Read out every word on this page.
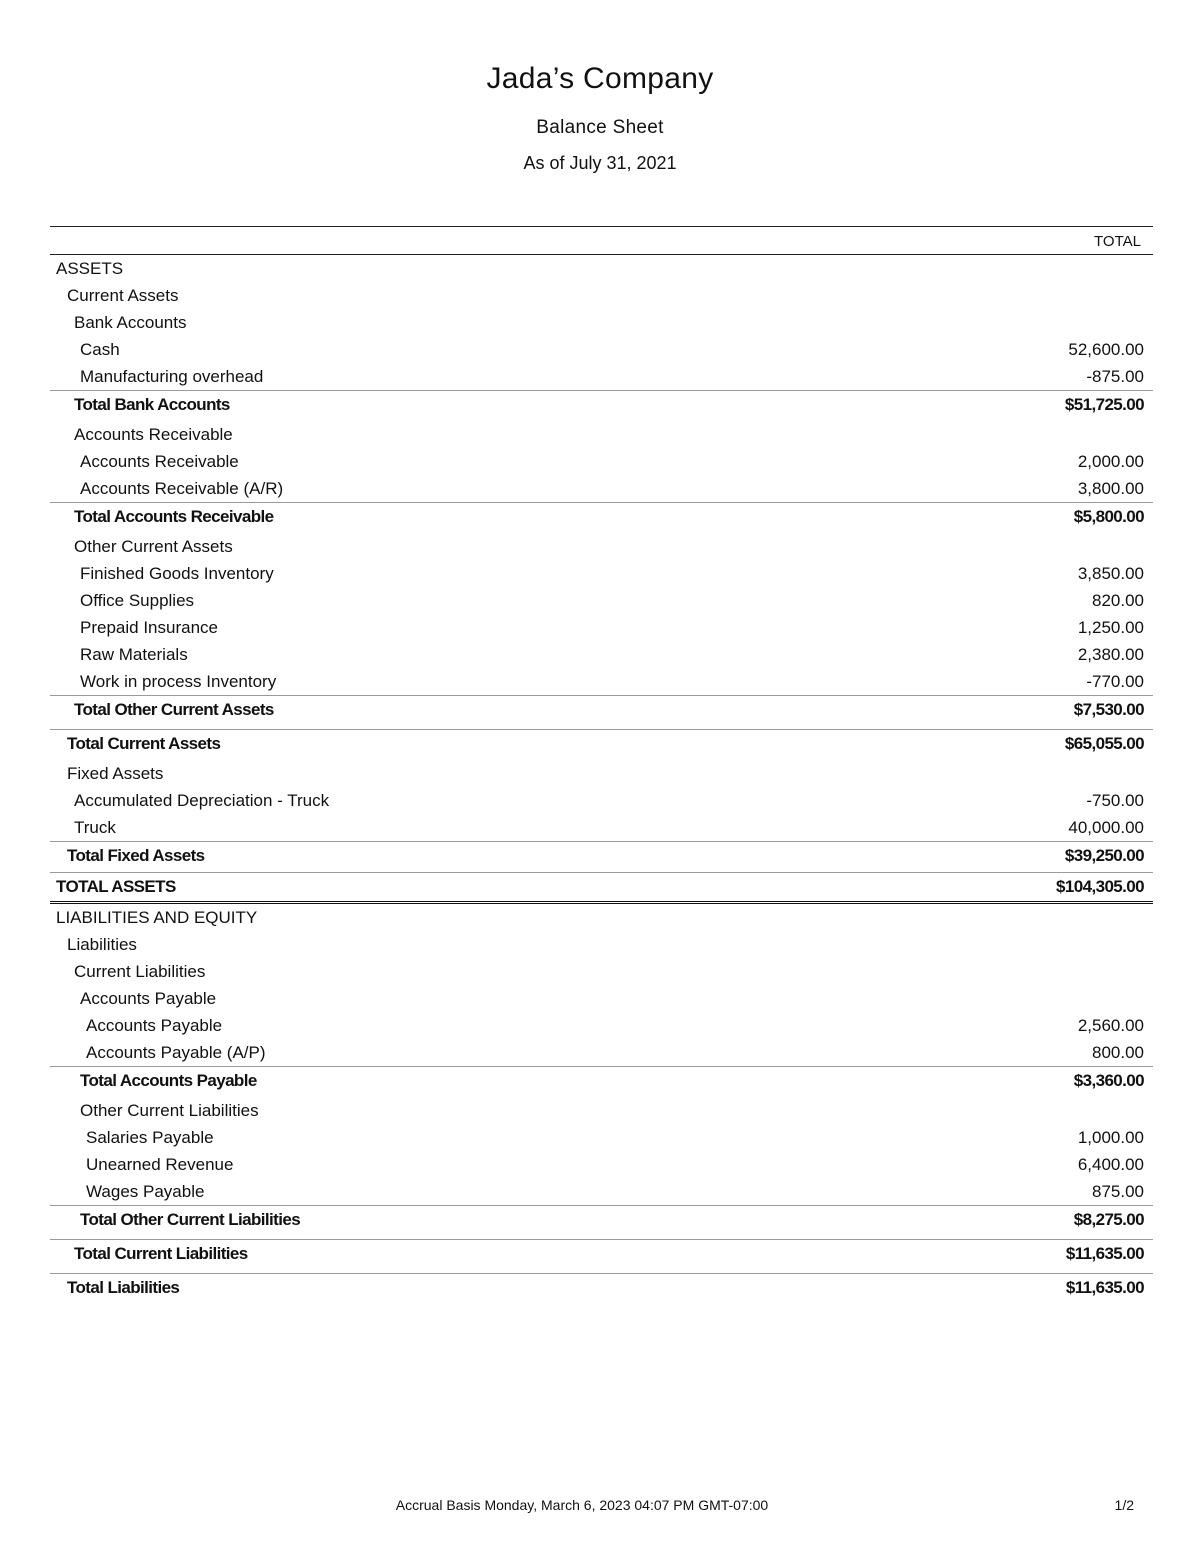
Jada’s Company
Balance Sheet
As of July 31, 2021
TOTAL
ASSETS
Current Assets
Bank Accounts
Cash	52,600.00
Manufacturing overhead	-875.00
Total Bank Accounts	$51,725.00
Accounts Receivable
Accounts Receivable	2,000.00
Accounts Receivable (A/R)	3,800.00
Total Accounts Receivable	$5,800.00
Other Current Assets
Finished Goods Inventory	3,850.00
Office Supplies	820.00
Prepaid Insurance	1,250.00
Raw Materials	2,380.00
Work in process Inventory	-770.00
Total Other Current Assets	$7,530.00
Total Current Assets	$65,055.00
Fixed Assets
Accumulated Depreciation - Truck	-750.00
Truck	40,000.00
Total Fixed Assets	$39,250.00
TOTAL ASSETS	$104,305.00
LIABILITIES AND EQUITY
Liabilities
Current Liabilities
Accounts Payable
Accounts Payable	2,560.00
Accounts Payable (A/P)	800.00
Total Accounts Payable	$3,360.00
Other Current Liabilities
Salaries Payable	1,000.00
Unearned Revenue	6,400.00
Wages Payable	875.00
Total Other Current Liabilities	$8,275.00
Total Current Liabilities	$11,635.00
Total Liabilities	$11,635.00
Accrual Basis Monday, March 6, 2023 04:07 PM GMT-07:00	1/2
